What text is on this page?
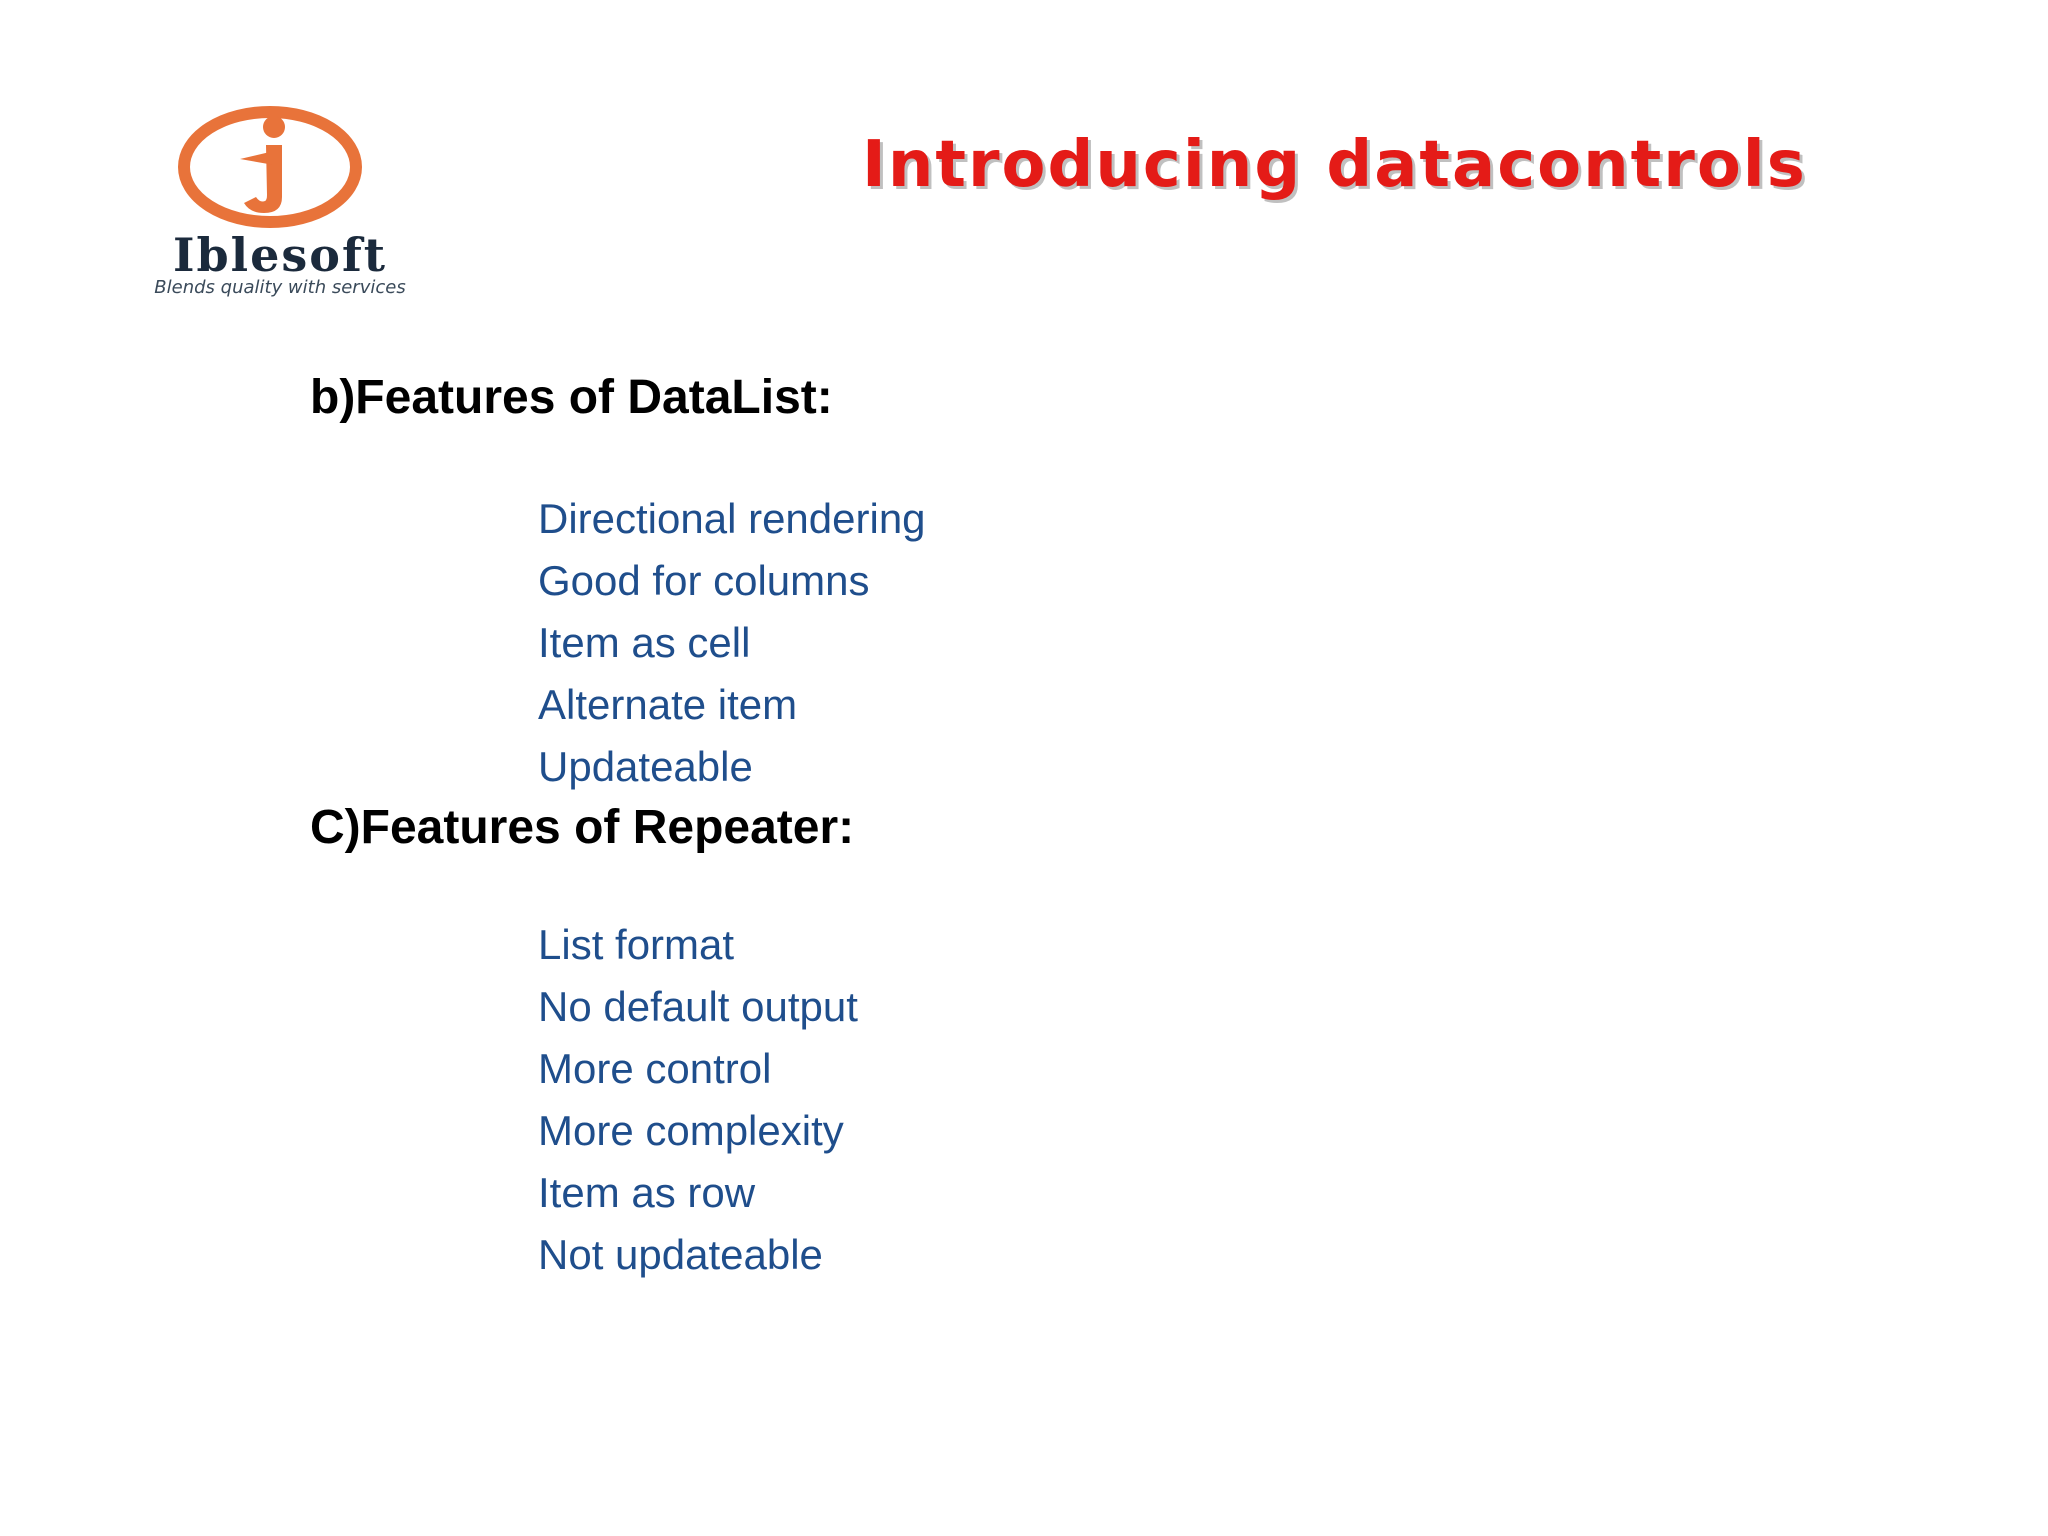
Iblesoft
Blends quality with services
Introducing datacontrols
b)Features of DataList:
Directional rendering
Good for columns
Item as cell
Alternate item
Updateable
C)Features of Repeater:
List format
No default output
More control
More complexity
Item as row
Not updateable
